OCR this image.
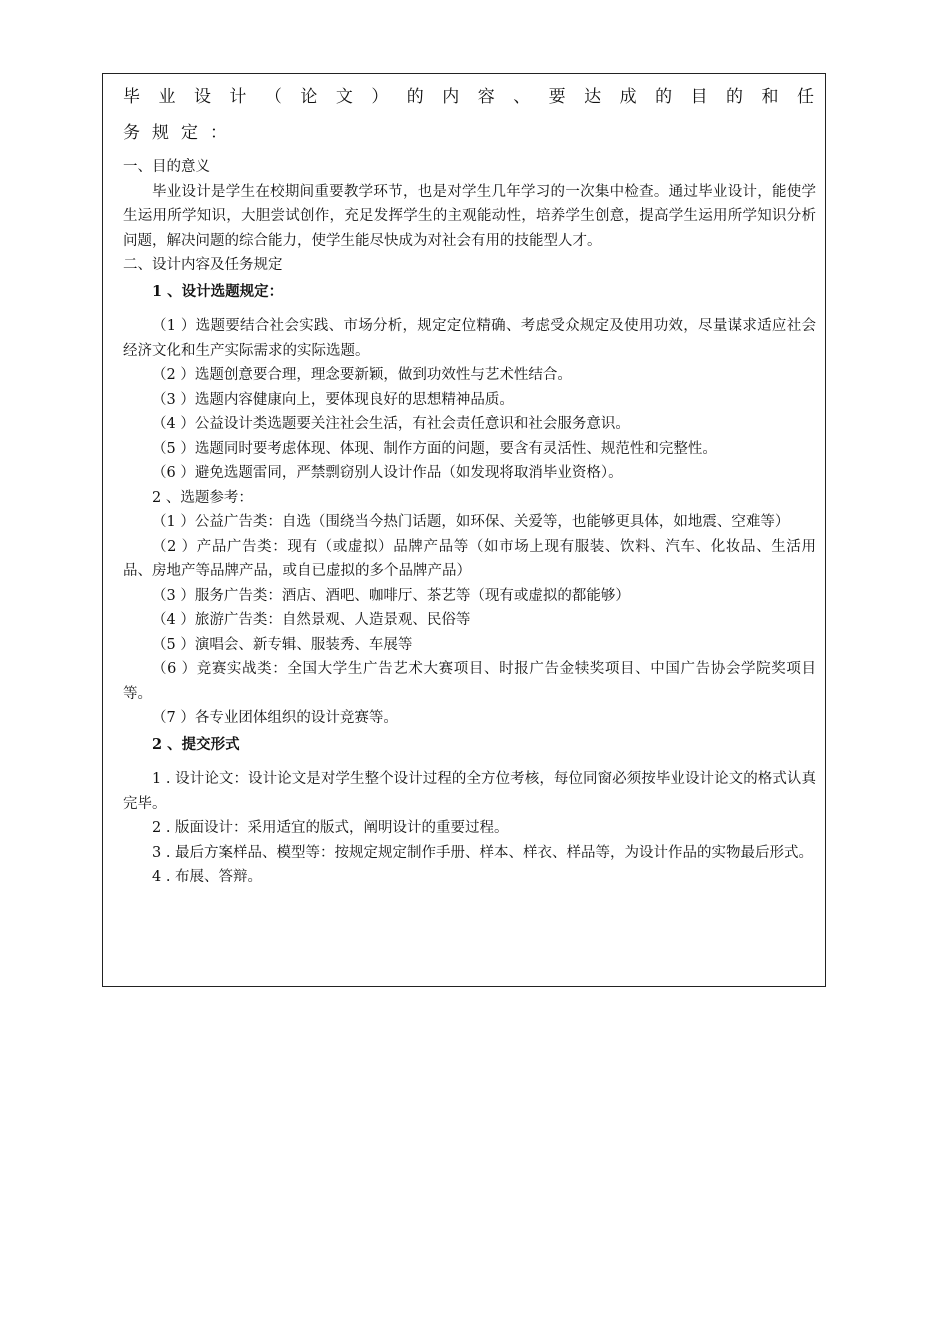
毕 业 设 计 （ 论 文 ） 的 内 容 、 要 达 成 的 目 的 和 任

务规定：

一、目的意义

毕业设计是学生在校期间重要教学环节，也是对学生几年学习的一次集中检查。通过毕业设计，能使学生运用所学知识，大胆尝试创作，充足发挥学生的主观能动性，培养学生创意，提高学生运用所学知识分析问题，解决问题的综合能力，使学生能尽快成为对社会有用的技能型人才。

二、设计内容及任务规定

1 、设计选题规定：

（1 ）选题要结合社会实践、市场分析，规定定位精确、考虑受众规定及使用功效，尽量谋求适应社会经济文化和生产实际需求的实际选题。

（2 ）选题创意要合理，理念要新颖，做到功效性与艺术性结合。

（3 ）选题内容健康向上，要体现良好的思想精神品质。

（4 ）公益设计类选题要关注社会生活，有社会责任意识和社会服务意识。

（5 ）选题同时要考虑体现、体现、制作方面的问题，要含有灵活性、规范性和完整性。

（6 ）避免选题雷同，严禁剽窃别人设计作品（如发现将取消毕业资格）。

2 、选题参考：

（1 ）公益广告类：自选（围绕当今热门话题，如环保、关爱等，也能够更具体，如地震、空难等）

（2 ）产品广告类：现有（或虚拟）品牌产品等（如市场上现有服装、饮料、汽车、化妆品、生活用品、房地产等品牌产品，或自已虚拟的多个品牌产品）

（3 ）服务广告类：酒店、酒吧、咖啡厅、茶艺等（现有或虚拟的都能够）

（4 ）旅游广告类：自然景观、人造景观、民俗等

（5 ）演唱会、新专辑、服装秀、车展等

（6 ）竞赛实战类：全国大学生广告艺术大赛项目、时报广告金犊奖项目、中国广告协会学院奖项目等。

（7 ）各专业团体组织的设计竞赛等。

2 、提交形式

1 . 设计论文：设计论文是对学生整个设计过程的全方位考核，每位同窗必须按毕业设计论文的格式认真完毕。

2 . 版面设计：采用适宜的版式，阐明设计的重要过程。

3 . 最后方案样品、模型等：按规定规定制作手册、样本、样衣、样品等，为设计作品的实物最后形式。

4 . 布展、答辩。
